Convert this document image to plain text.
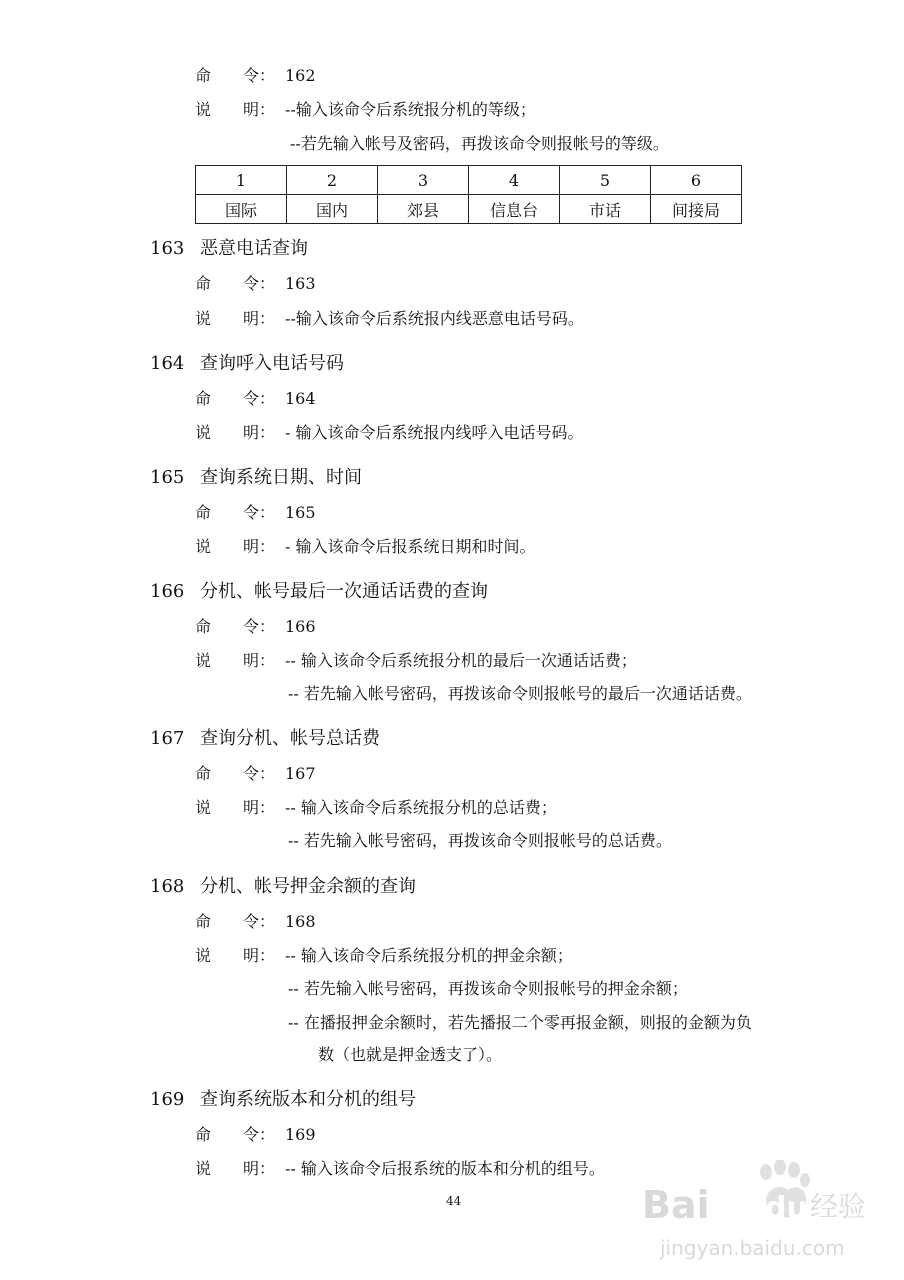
命　　令： 162
说　　明： --输入该命令后系统报分机的等级；
--若先输入帐号及密码，再拨该命令则报帐号的等级。
1	2	3	4	5	6
国际	国内	郊县	信息台	市话	间接局
163 恶意电话查询
命　　令： 163
说　　明： --输入该命令后系统报内线恶意电话号码。
164 查询呼入电话号码
命　　令： 164
说　　明： - 输入该命令后系统报内线呼入电话号码。
165 查询系统日期、时间
命　　令： 165
说　　明： - 输入该命令后报系统日期和时间。
166 分机、帐号最后一次通话话费的查询
命　　令： 166
说　　明： -- 输入该命令后系统报分机的最后一次通话话费；
-- 若先输入帐号密码，再拨该命令则报帐号的最后一次通话话费。
167 查询分机、帐号总话费
命　　令： 167
说　　明： -- 输入该命令后系统报分机的总话费；
-- 若先输入帐号密码，再拨该命令则报帐号的总话费。
168 分机、帐号押金余额的查询
命　　令： 168
说　　明： -- 输入该命令后系统报分机的押金余额；
-- 若先输入帐号密码，再拨该命令则报帐号的押金余额；
-- 在播报押金余额时，若先播报二个零再报金额，则报的金额为负
数（也就是押金透支了）。
169 查询系统版本和分机的组号
命　　令： 169
说　　明： -- 输入该命令后报系统的版本和分机的组号。
44	Bai du 经验
jingyan.baidu.com
